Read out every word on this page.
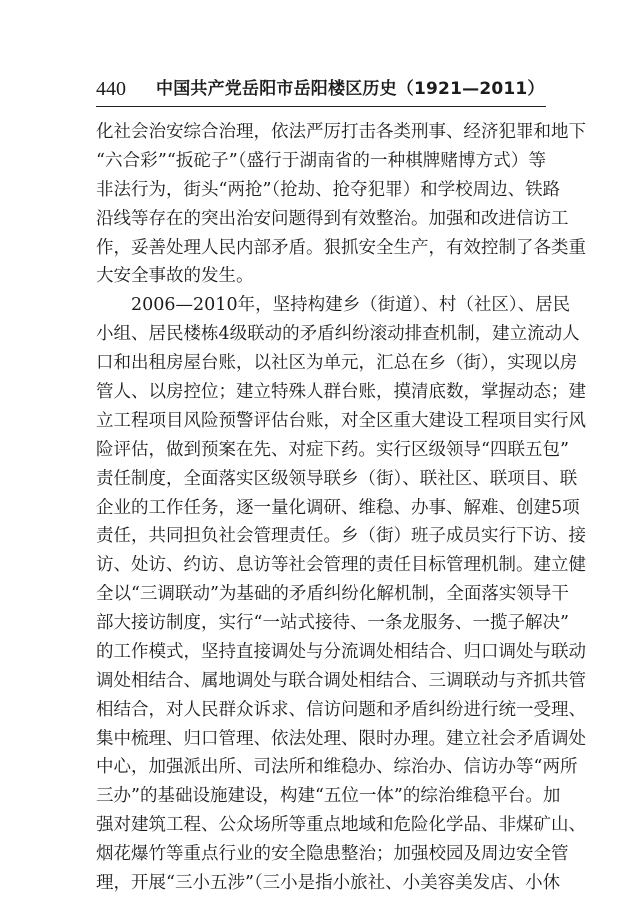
440 中国共产党岳阳市岳阳楼区历史（1921—2011）
化社会治安综合治理，依法严厉打击各类刑事、经济犯罪和地下
“六合彩”“扳砣子”（盛行于湖南省的一种棋牌赌博方式）等
非法行为，街头“两抢”（抢劫、抢夺犯罪）和学校周边、铁路
沿线等存在的突出治安问题得到有效整治。加强和改进信访工
作，妥善处理人民内部矛盾。狠抓安全生产，有效控制了各类重
大安全事故的发生。
2006—2010年，坚持构建乡（街道）、村（社区）、居民
小组、居民楼栋4级联动的矛盾纠纷滚动排查机制，建立流动人
口和出租房屋台账，以社区为单元，汇总在乡（街），实现以房
管人、以房控位；建立特殊人群台账，摸清底数，掌握动态；建
立工程项目风险预警评估台账，对全区重大建设工程项目实行风
险评估，做到预案在先、对症下药。实行区级领导“四联五包”
责任制度，全面落实区级领导联乡（街）、联社区、联项目、联
企业的工作任务，逐一量化调研、维稳、办事、解难、创建5项
责任，共同担负社会管理责任。乡（街）班子成员实行下访、接
访、处访、约访、息访等社会管理的责任目标管理机制。建立健
全以“三调联动”为基础的矛盾纠纷化解机制，全面落实领导干
部大接访制度，实行“一站式接待、一条龙服务、一揽子解决”
的工作模式，坚持直接调处与分流调处相结合、归口调处与联动
调处相结合、属地调处与联合调处相结合、三调联动与齐抓共管
相结合，对人民群众诉求、信访问题和矛盾纠纷进行统一受理、
集中梳理、归口管理、依法处理、限时办理。建立社会矛盾调处
中心，加强派出所、司法所和维稳办、综治办、信访办等“两所
三办”的基础设施建设，构建“五位一体”的综治维稳平台。加
强对建筑工程、公众场所等重点地域和危险化学品、非煤矿山、
烟花爆竹等重点行业的安全隐患整治；加强校园及周边安全管
理，开展“三小五涉”（三小是指小旅社、小美容美发店、小休
